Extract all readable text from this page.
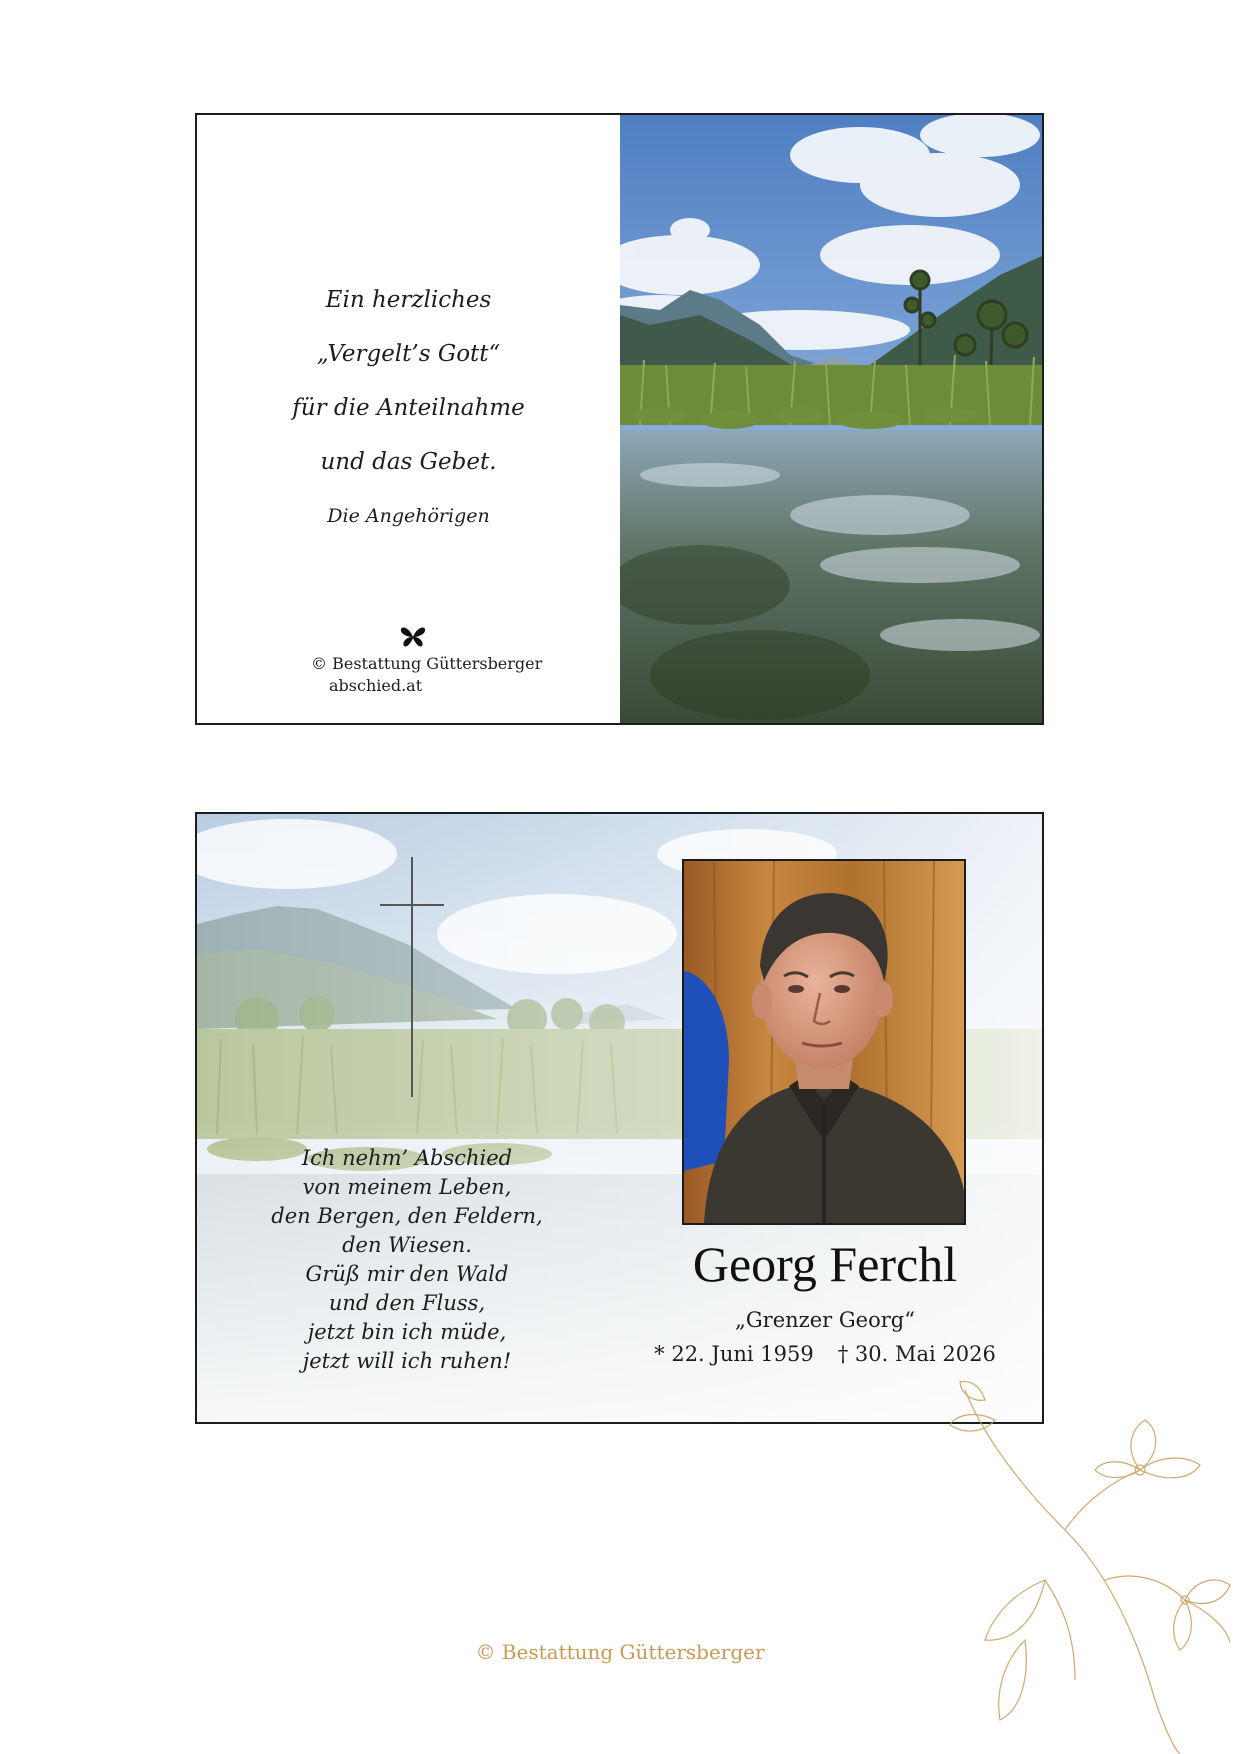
Ein herzliches
„Vergelt’s Gott“
für die Anteilnahme
und das Gebet.
Die Angehörigen
© Bestattung Güttersberger
abschied.at
Ich nehm’ Abschied
von meinem Leben,
den Bergen, den Feldern,
den Wiesen.
Grüß mir den Wald
und den Fluss,
jetzt bin ich müde,
jetzt will ich ruhen!
Georg Ferchl
„Grenzer Georg“
* 22. Juni 1959 † 30. Mai 2026
© Bestattung Güttersberger
